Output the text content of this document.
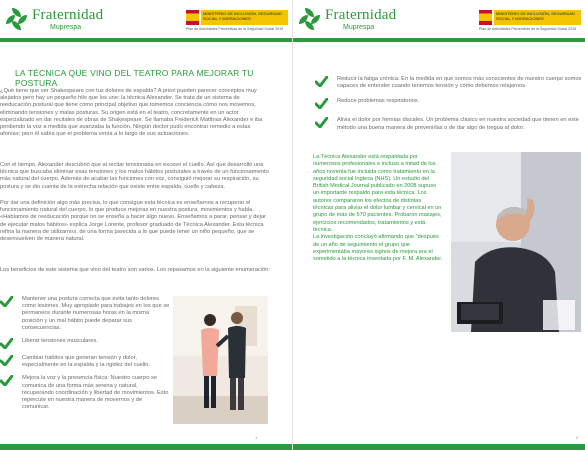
Fraternidad
Muprespa
MINISTERIO DE INCLUSIÓN, SEGURIDAD SOCIAL Y MIGRACIONES
Plan de Actividades Preventivas de la Seguridad Social 2019
LA TÉCNICA QUE VINO DEL TEATRO PARA MEJORAR TU POSTURA
¿Qué tiene que ver Shakespeare con tus dolores de espalda? A priori pueden parecer conceptos muy alejados pero hay un pequeño hilo que los une: la técnica Alexander. Se trata de un sistema de reeducación postural que tiene como principal objetivo que tomemos conciencia cómo nos movemos, eliminando tensiones y malas posturas. Su origen está en el teatro, concretamente en un actor especializado en dar recitales de obras de Shakespeare. Se llamaba Frederick Matthias Alexander e iba perdiendo la voz a medida que avanzaba la función. Ningún doctor pudo encontrar remedio a estas afonías; pero él sabía que el problema venía a lo largo de sus actuaciones.
Con el tiempo, Alexander descubrió que al recitar tensionaba en exceso el cuello. Así que desarrolló una técnica que buscaba eliminar esas tensiones y los malos hábitos posturales a través de un funcionamiento más natural del cuerpo. Además de acabar las funciones con voz, consiguió mejorar su respiración, su postura y se dio cuenta de la estrecha relación que existe entre espalda, cuello y cabeza.
Por dar una definición algo más precisa, lo que consigue esta técnica es enseñarnos a recuperar el funcionamiento natural del cuerpo, lo que produce mejoras en nuestra postura, movimientos y habla. «Hablamos de reeducación porque no se enseña a hacer algo nuevo. Enseñamos a parar, pensar y dejar de ejecutar malos hábitos» explica Jorge Lorente, profesor graduado de Técnica Alexander. Esta técnica refina la manera de utilizarnos, de una forma parecida a lo que puede tener un niño pequeño, que se desenvuelven de manera natural.
Los beneficios de este sistema que vino del teatro son varios. Los repasamos en la siguiente enumeración:
Mantener una postura correcta que evita tanto dolores como lesiones. Muy apropiado para trabajos en los que se permanece durante numerosas horas en la misma posición y un mal hábito puede deparar sus consecuencias.
Liberar tensiones musculares.
Cambiar hábitos que generan tensión y dolor, especialmente en la espalda y la rigidez del cuello.
Mejora la voz y la presencia física: Nuestro cuerpo se comunica de una forma más serena y natural, recuperando coordinación y libertad de movimientos. Esto repercute en nuestra manera de movernos y de comunicar.
1
Fraternidad
Muprespa
MINISTERIO DE INCLUSIÓN, SEGURIDAD SOCIAL Y MIGRACIONES
Plan de Actividades Preventivas de la Seguridad Social 2019
Reducir la fatiga crónica. En la medida en que somos más conscientes de nuestro cuerpo somos capaces de entender cuando tenemos tensión y cómo debemos relajarnos.
Reduce problemas respiratorios.
Alivia el dolor por hernias discales. Un problema clásico en nuestra sociedad que tienen en este método una buena manera de prevenirlas o de dar algo de tregua al dolor.
La Técnica Alexander está respaldada por numerosos profesionales e incluso a mitad de los años noventa fue incluida como tratamiento en la seguridad social Inglesa (NHS). Un estudio del British Medical Journal publicado en 2008 supuso un importante respaldo para esta técnica. Los autores compararon los efectos de distintas técnicas para aliviar el dolor lumbar y cervical en un grupo de más de 570 pacientes. Probaron masajes, ejercicios recomendados, tratamientos y está técnica.
La investigación concluyó afirmando que "después de un año de seguimiento el grupo que experimentaba mayores signos de mejora era el sometido a la técnica inventada por F. M. Alexander.
2
